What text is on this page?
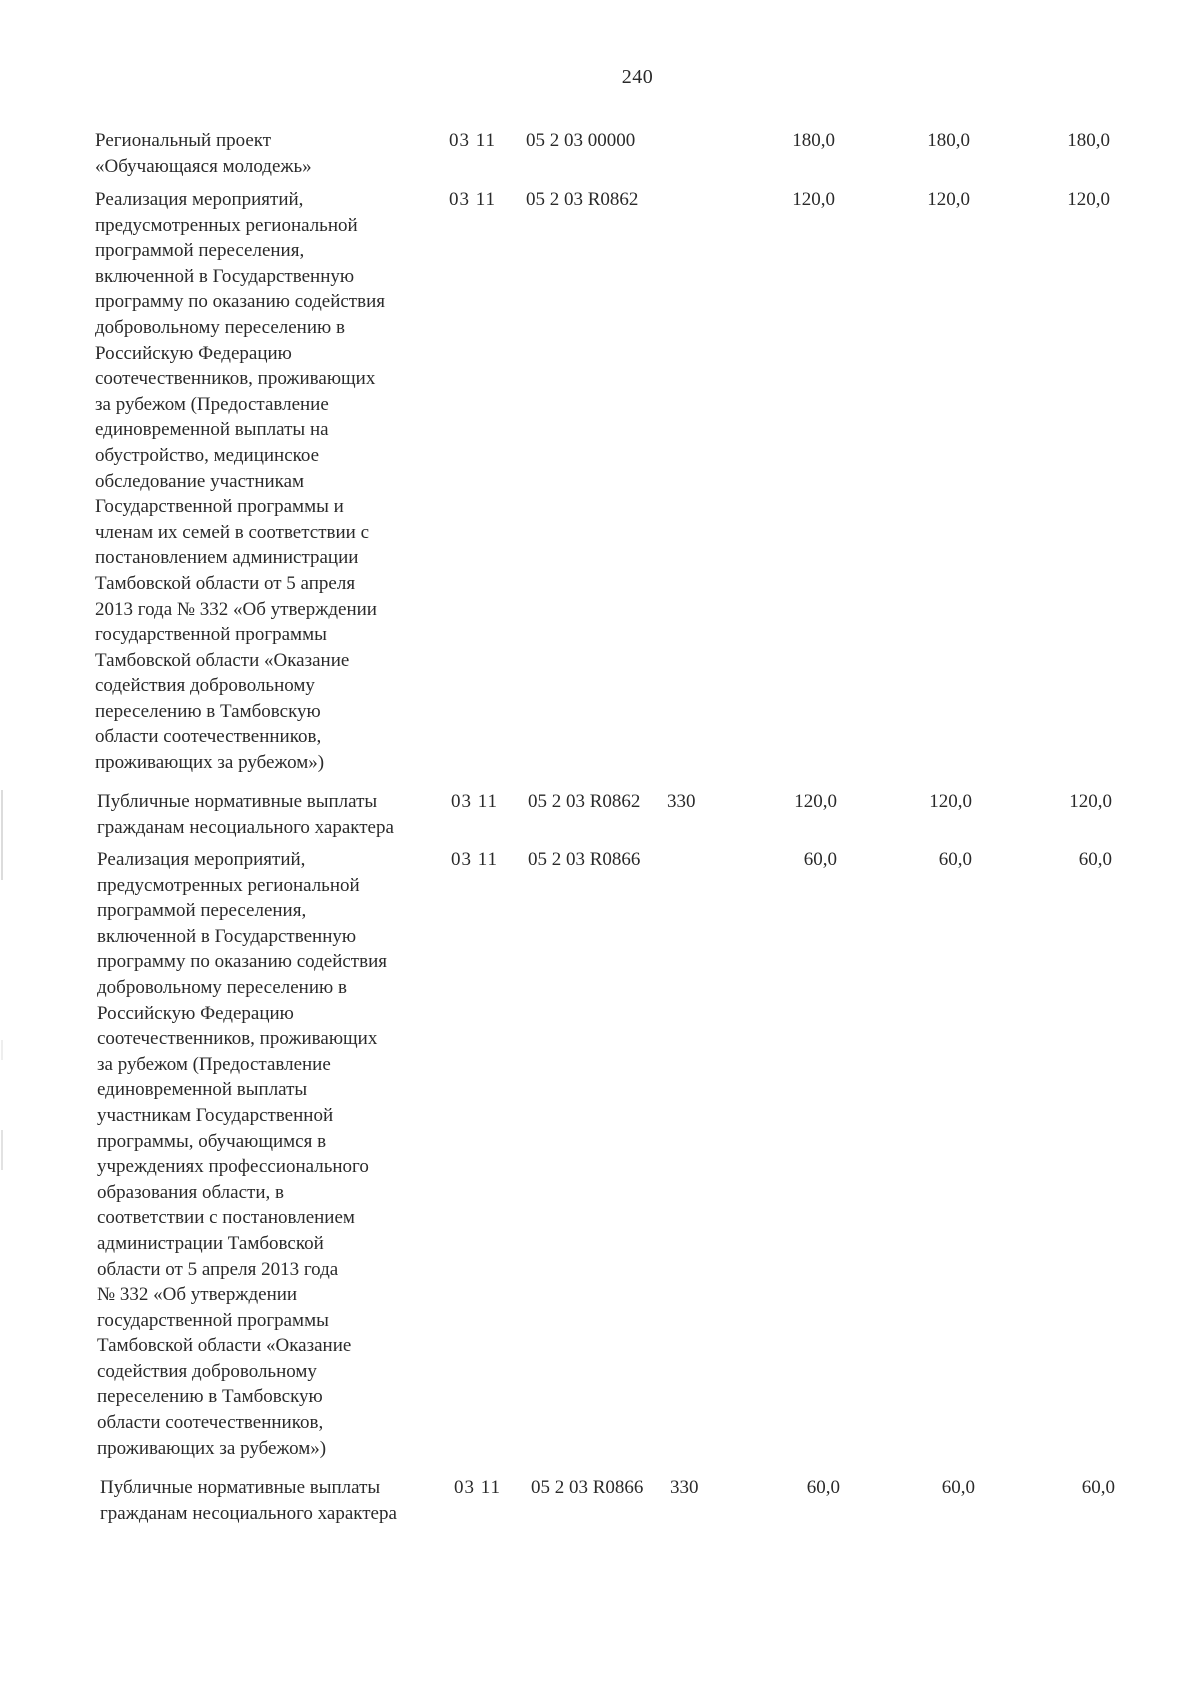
240
Региональный проект
«Обучающаяся молодежь»
03 11 05 2 03 00000	180,0	180,0	180,0
Реализация мероприятий,
предусмотренных региональной
программой переселения,
включенной в Государственную
программу по оказанию содействия
добровольному переселению в
Российскую Федерацию
соотечественников, проживающих
за рубежом (Предоставление
единовременной выплаты на
обустройство, медицинское
обследование участникам
Государственной программы и
членам их семей в соответствии с
постановлением администрации
Тамбовской области от 5 апреля
2013 года № 332 «Об утверждении
государственной программы
Тамбовской области «Оказание
содействия добровольному
переселению в Тамбовскую
области соотечественников,
проживающих за рубежом»)
03 11 05 2 03 R0862	120,0	120,0	120,0
Публичные нормативные выплаты
гражданам несоциального характера
03 11 05 2 03 R0862 330	120,0	120,0	120,0
Реализация мероприятий,
предусмотренных региональной
программой переселения,
включенной в Государственную
программу по оказанию содействия
добровольному переселению в
Российскую Федерацию
соотечественников, проживающих
за рубежом (Предоставление
единовременной выплаты
участникам Государственной
программы, обучающимся в
учреждениях профессионального
образования области, в
соответствии с постановлением
администрации Тамбовской
области от 5 апреля 2013 года
№ 332 «Об утверждении
государственной программы
Тамбовской области «Оказание
содействия добровольному
переселению в Тамбовскую
области соотечественников,
проживающих за рубежом»)
03 11 05 2 03 R0866	60,0	60,0	60,0
Публичные нормативные выплаты
гражданам несоциального характера
03 11 05 2 03 R0866 330	60,0	60,0	60,0
